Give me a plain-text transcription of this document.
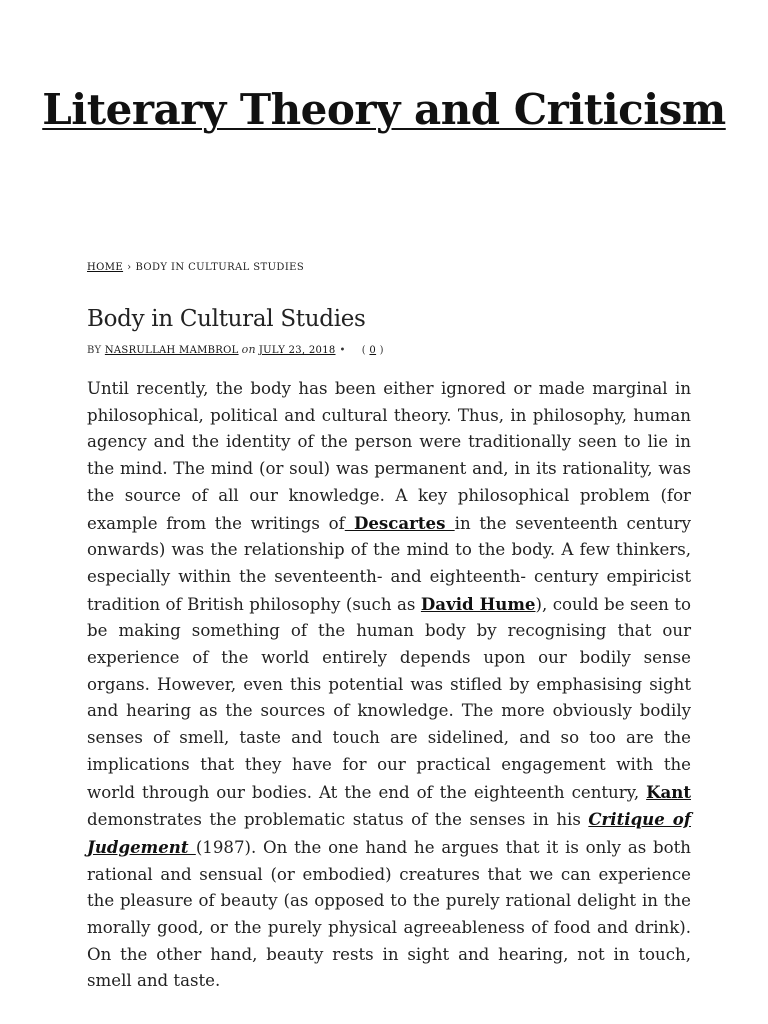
Literary Theory and Criticism
HOME › BODY IN CULTURAL STUDIES
Body in Cultural Studies
BY NASRULLAH MAMBROL on JULY 23, 2018 • ( 0 )

Until recently, the body has been either ignored or made marginal in philosophical, political and cultural theory. Thus, in philosophy, human agency and the identity of the person were traditionally seen to lie in the mind. The mind (or soul) was permanent and, in its rationality, was the source of all our knowledge. A key philosophical problem (for example from the writings of Descartes in the seventeenth century onwards) was the relationship of the mind to the body. A few thinkers, especially within the seventeenth- and eighteenth- century empiricist tradition of British philosophy (such as David Hume), could be seen to be making something of the human body by recognising that our experience of the world entirely depends upon our bodily sense organs. However, even this potential was stifled by emphasising sight and hearing as the sources of knowledge. The more obviously bodily senses of smell, taste and touch are sidelined, and so too are the implications that they have for our practical engagement with the world through our bodies. At the end of the eighteenth century, Kant demonstrates the problematic status of the senses in his Critique of Judgement (1987). On the one hand he argues that it is only as both rational and sensual (or embodied) creatures that we can experience the pleasure of beauty (as opposed to the purely rational delight in the morally good, or the purely physical agreeableness of food and drink). On the other hand, beauty rests in sight and hearing, not in touch, smell and taste.
